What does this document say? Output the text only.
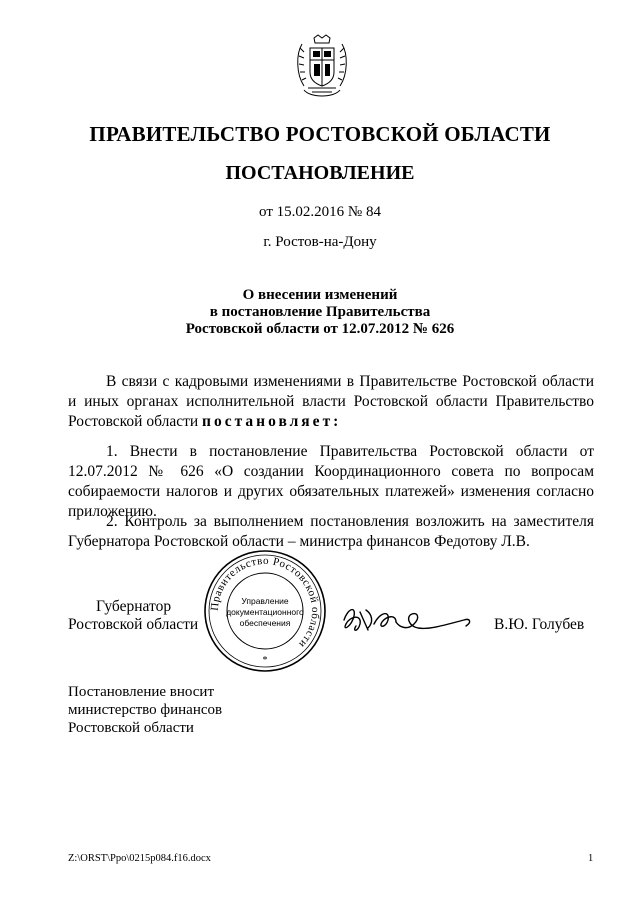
ПРАВИТЕЛЬСТВО РОСТОВСКОЙ ОБЛАСТИ
ПОСТАНОВЛЕНИЕ
от 15.02.2016 № 84
г. Ростов-на-Дону
О внесении изменений
в постановление Правительства
Ростовской области от 12.07.2012 № 626
В связи с кадровыми изменениями в Правительстве Ростовской области и иных органах исполнительной власти Ростовской области Правительство Ростовской области постановляет:
1. Внести в постановление Правительства Ростовской области от 12.07.2012 № 626 «О создании Координационного совета по вопросам собираемости налогов и других обязательных платежей» изменения согласно приложению.
2. Контроль за выполнением постановления возложить на заместителя Губернатора Ростовской области – министра финансов Федотову Л.В.
Губернатор
Ростовской области
Правительство Ростовской области
Управление
документационного
обеспечения
*
В.Ю. Голубев
Постановление вносит
министерство финансов
Ростовской области
Z:\ORST\Ppo\0215p084.f16.docx	1
